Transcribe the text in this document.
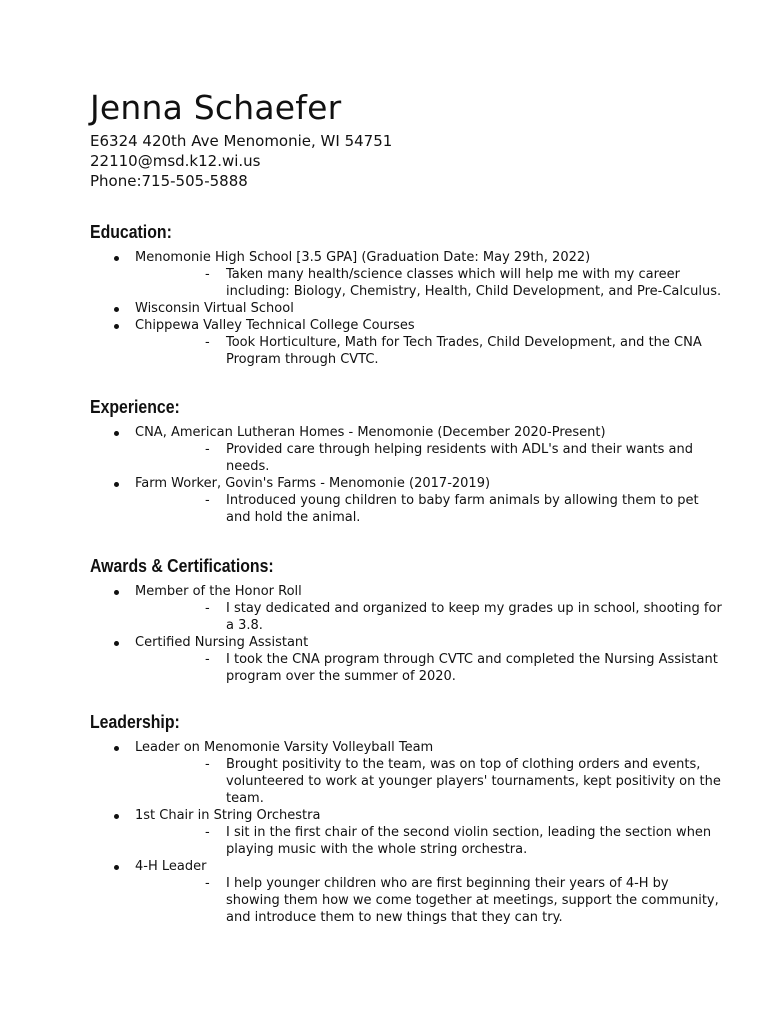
Jenna Schaefer
E6324 420th Ave Menomonie, WI 54751
22110@msd.k12.wi.us
Phone:715-505-5888
Education:
Menomonie High School [3.5 GPA] (Graduation Date: May 29th, 2022)
- Taken many health/science classes which will help me with my career including: Biology, Chemistry, Health, Child Development, and Pre-Calculus.
Wisconsin Virtual School
Chippewa Valley Technical College Courses
- Took Horticulture, Math for Tech Trades, Child Development, and the CNA Program through CVTC.
Experience:
CNA, American Lutheran Homes - Menomonie (December 2020-Present)
- Provided care through helping residents with ADL's and their wants and needs.
Farm Worker, Govin's Farms - Menomonie (2017-2019)
- Introduced young children to baby farm animals by allowing them to pet and hold the animal.
Awards & Certifications:
Member of the Honor Roll
- I stay dedicated and organized to keep my grades up in school, shooting for a 3.8.
Certified Nursing Assistant
- I took the CNA program through CVTC and completed the Nursing Assistant program over the summer of 2020.
Leadership:
Leader on Menomonie Varsity Volleyball Team
- Brought positivity to the team, was on top of clothing orders and events, volunteered to work at younger players' tournaments, kept positivity on the team.
1st Chair in String Orchestra
- I sit in the first chair of the second violin section, leading the section when playing music with the whole string orchestra.
4-H Leader
- I help younger children who are first beginning their years of 4-H by showing them how we come together at meetings, support the community, and introduce them to new things that they can try.
